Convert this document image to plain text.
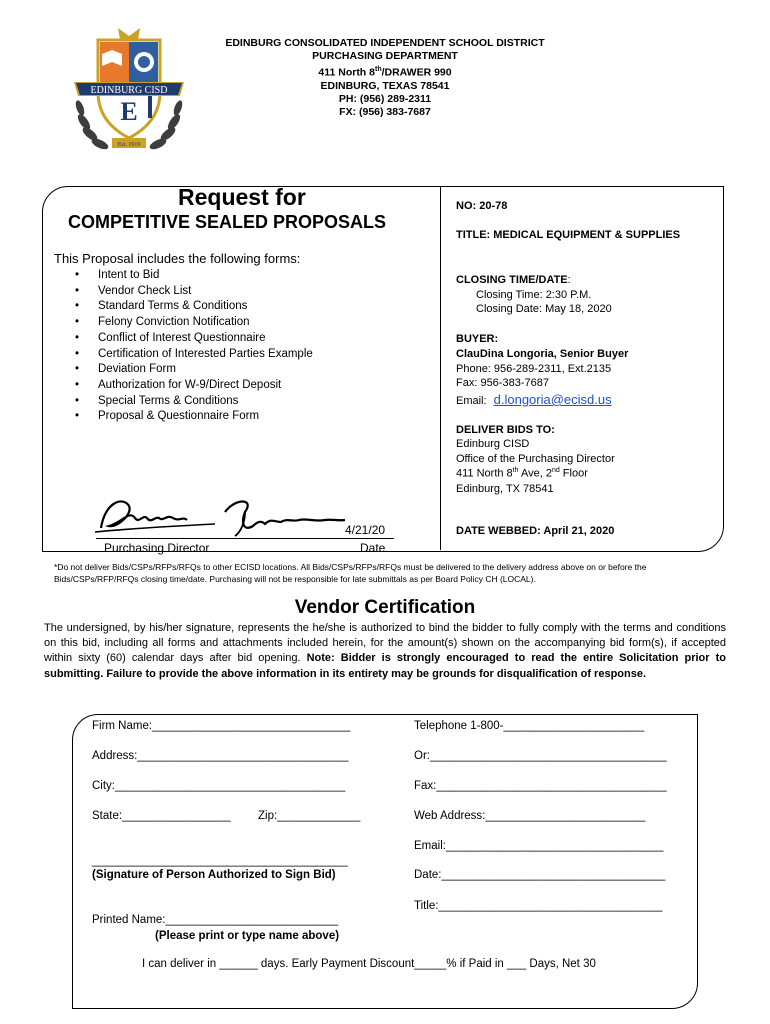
E
EDINBURG CISD
Est. 1919
EDINBURG CONSOLIDATED INDEPENDENT SCHOOL DISTRICT
PURCHASING DEPARTMENT
411 North 8th/DRAWER 990
EDINBURG, TEXAS 78541
PH: (956) 289-2311
FX: (956) 383-7687
Request for
COMPETITIVE SEALED PROPOSALS
This Proposal includes the following forms:
• Intent to Bid
• Vendor Check List
• Standard Terms & Conditions
• Felony Conviction Notification
• Conflict of Interest Questionnaire
• Certification of Interested Parties Example
• Deviation Form
• Authorization for W-9/Direct Deposit
• Special Terms & Conditions
• Proposal & Questionnaire Form
4/21/20
Purchasing Director	Date
NO: 20-78
TITLE: MEDICAL EQUIPMENT & SUPPLIES
CLOSING TIME/DATE:
Closing Time: 2:30 P.M.
Closing Date: May 18, 2020
BUYER:
ClauDina Longoria, Senior Buyer
Phone: 956-289-2311, Ext.2135
Fax: 956-383-7687
Email: d.longoria@ecisd.us
DELIVER BIDS TO:
Edinburg CISD
Office of the Purchasing Director
411 North 8th Ave, 2nd Floor
Edinburg, TX 78541
DATE WEBBED: April 21, 2020
*Do not deliver Bids/CSPs/RFPs/RFQs to other ECISD locations. All Bids/CSPs/RFPs/RFQs must be delivered to the delivery address above on or before the Bids/CSPs/RFP/RFQs closing time/date. Purchasing will not be responsible for late submittals as per Board Policy CH (LOCAL).
Vendor Certification
The undersigned, by his/her signature, represents the he/she is authorized to bind the bidder to fully comply with the terms and conditions on this bid, including all forms and attachments included herein, for the amount(s) shown on the accompanying bid form(s), if accepted within sixty (60) calendar days after bid opening. Note: Bidder is strongly encouraged to read the entire Solicitation prior to submitting. Failure to provide the above information in its entirety may be grounds for disqualification of response.
Firm Name:_______________________________	Telephone 1-800-______________________
Address:_________________________________	Or:_____________________________________
City:____________________________________	Fax:____________________________________
State:_________________ Zip:_____________	Web Address:_________________________
Email:__________________________________
________________________________________
(Signature of Person Authorized to Sign Bid)	Date:___________________________________
Title:___________________________________
Printed Name:___________________________
(Please print or type name above)
I can deliver in ______ days. Early Payment Discount_____% if Paid in ___ Days, Net 30
